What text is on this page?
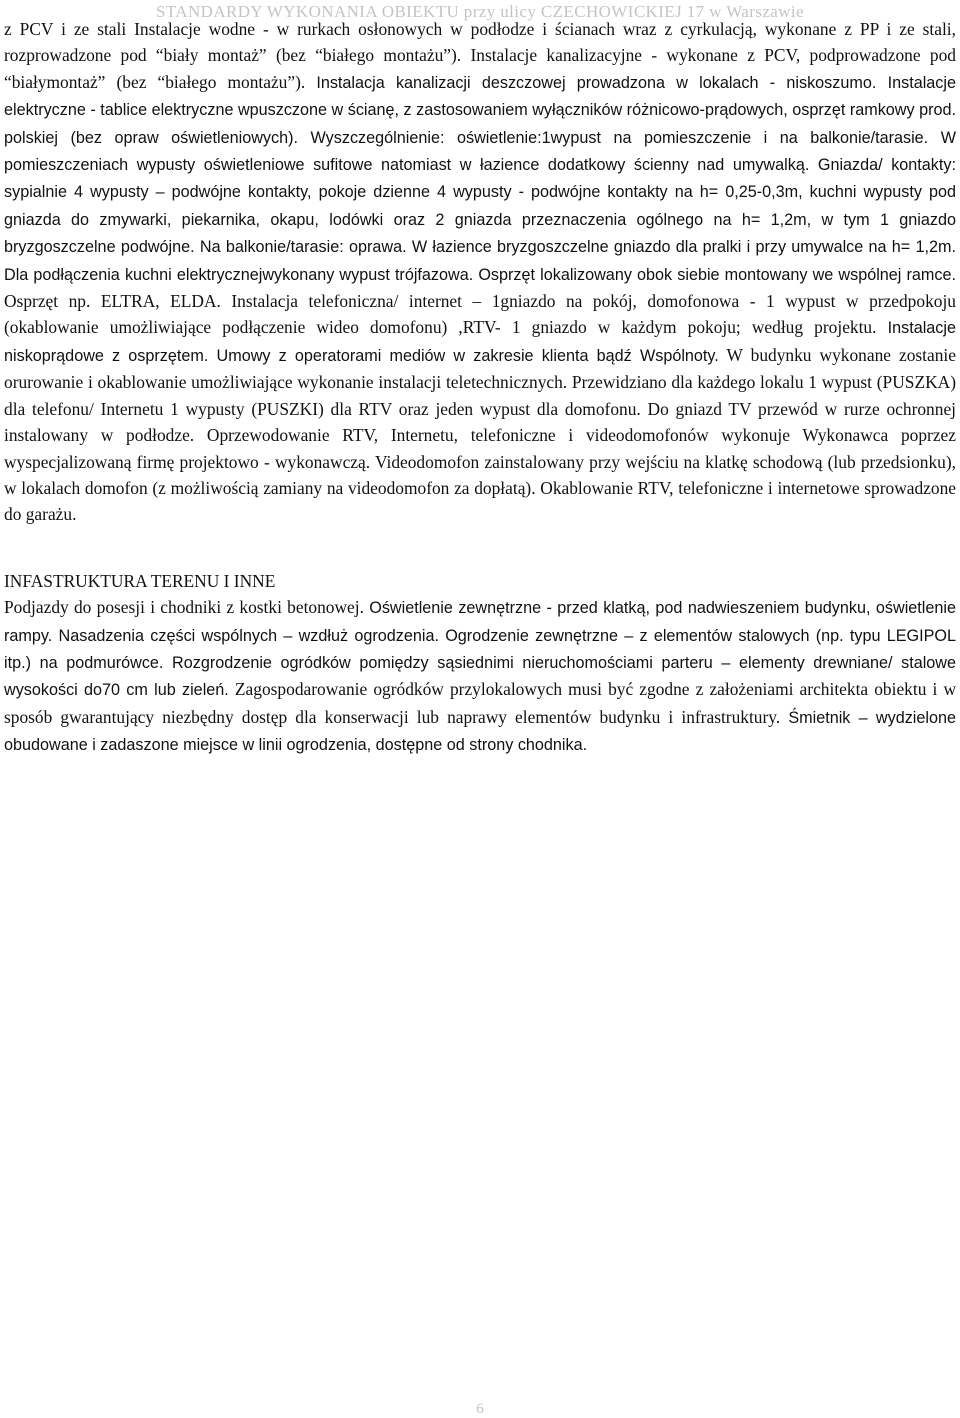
STANDARDY WYKONANIA OBIEKTU przy ulicy CZECHOWICKIEJ 17 w Warszawie

z PCV i ze stali Instalacje wodne - w rurkach osłonowych w podłodze i ścianach wraz z cyrkulacją, wykonane z PP i ze stali, rozprowadzone pod “biały montaż” (bez “białego montażu”). Instalacje kanalizacyjne - wykonane z PCV, podprowadzone pod “białymontaż” (bez “białego montażu”). Instalacja kanalizacji deszczowej prowadzona w lokalach - niskoszumo. Instalacje elektryczne - tablice elektryczne wpuszczone w ścianę, z zastosowaniem wyłączników różnicowo-prądowych, osprzęt ramkowy prod. polskiej (bez opraw oświetleniowych). Wyszczególnienie: oświetlenie:1wypust na pomieszczenie i na balkonie/tarasie. W pomieszczeniach wypusty oświetleniowe sufitowe natomiast w łazience dodatkowy ścienny nad umywalką. Gniazda/ kontakty: sypialnie 4 wypusty – podwójne kontakty, pokoje dzienne 4 wypusty - podwójne kontakty na h= 0,25-0,3m, kuchni wypusty pod gniazda do zmywarki, piekarnika, okapu, lodówki oraz 2 gniazda przeznaczenia ogólnego na h= 1,2m, w tym 1 gniazdo bryzgoszczelne podwójne. Na balkonie/tarasie: oprawa. W łazience bryzgoszczelne gniazdo dla pralki i przy umywalce na h= 1,2m. Dla podłączenia kuchni elektrycznejwykonany wypust trójfazowa. Osprzęt lokalizowany obok siebie montowany we wspólnej ramce. Osprzęt np. ELTRA, ELDA. Instalacja telefoniczna/ internet – 1gniazdo na pokój, domofonowa - 1 wypust w przedpokoju (okablowanie umożliwiające podłączenie wideo domofonu) ,RTV- 1 gniazdo w każdym pokoju; według projektu. Instalacje niskoprądowe z osprzętem. Umowy z operatorami mediów w zakresie klienta bądź Wspólnoty. W budynku wykonane zostanie orurowanie i okablowanie umożliwiające wykonanie instalacji teletechnicznych. Przewidziano dla każdego lokalu 1 wypust (PUSZKA) dla telefonu/ Internetu 1 wypusty (PUSZKI) dla RTV oraz jeden wypust dla domofonu. Do gniazd TV przewód w rurze ochronnej instalowany w podłodze. Oprzewodowanie RTV, Internetu, telefoniczne i videodomofonów wykonuje Wykonawca poprzez wyspecjalizowaną firmę projektowo - wykonawczą. Videodomofon zainstalowany przy wejściu na klatkę schodową (lub przedsionku), w lokalach domofon (z możliwością zamiany na videodomofon za dopłatą). Okablowanie RTV, telefoniczne i internetowe sprowadzone do garażu.

INFASTRUKTURA TERENU I INNE

Podjazdy do posesji i chodniki z kostki betonowej. Oświetlenie zewnętrzne - przed klatką, pod nadwieszeniem budynku, oświetlenie rampy. Nasadzenia części wspólnych – wzdłuż ogrodzenia. Ogrodzenie zewnętrzne – z elementów stalowych (np. typu LEGIPOL itp.) na podmurówce. Rozgrodzenie ogródków pomiędzy sąsiednimi nieruchomościami parteru – elementy drewniane/ stalowe wysokości do70 cm lub zieleń. Zagospodarowanie ogródków przylokalowych musi być zgodne z założeniami architekta obiektu i w sposób gwarantujący niezbędny dostęp dla konserwacji lub naprawy elementów budynku i infrastruktury. Śmietnik – wydzielone obudowane i zadaszone miejsce w linii ogrodzenia, dostępne od strony chodnika.

6
